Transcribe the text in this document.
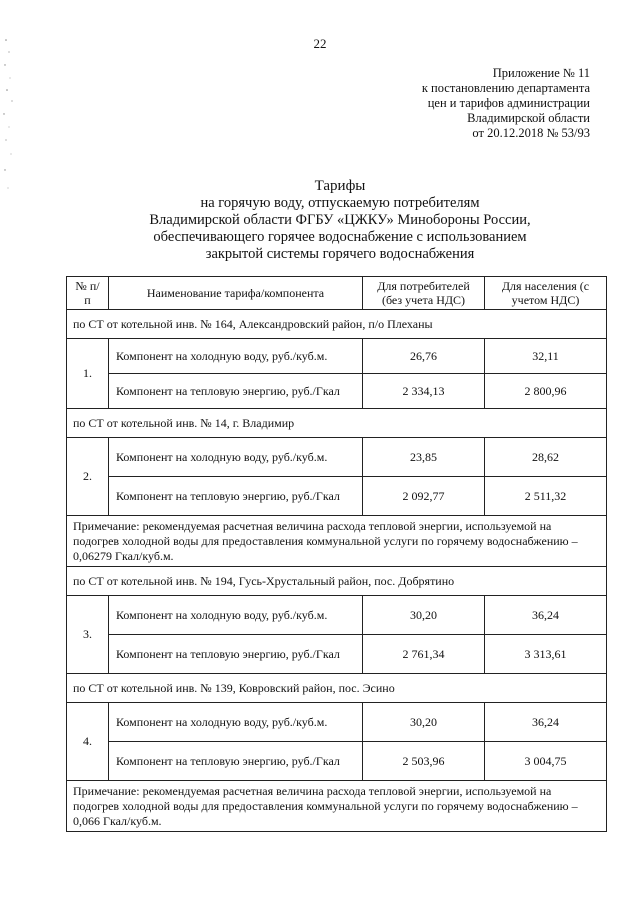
22
Приложение № 11
к постановлению департамента
цен и тарифов администрации
Владимирской области
от 20.12.2018 № 53/93
Тарифы
на горячую воду, отпускаемую потребителям
Владимирской области ФГБУ «ЦЖКУ» Минобороны России,
обеспечивающего горячее водоснабжение с использованием
закрытой системы горячего водоснабжения
№ п/п	Наименование тарифа/компонента	Для потребителей (без учета НДС)	Для населения (с учетом НДС)
по СТ от котельной инв. № 164, Александровский район, п/о Плеханы			
1.	Компонент на холодную воду, руб./куб.м.	26,76	32,11
	Компонент на тепловую энергию, руб./Гкал	2 334,13	2 800,96
по СТ от котельной инв. № 14, г. Владимир			
2.	Компонент на холодную воду, руб./куб.м.	23,85	28,62
	Компонент на тепловую энергию, руб./Гкал	2 092,77	2 511,32
Примечание: рекомендуемая расчетная величина расхода тепловой энергии, используемой на подогрев холодной воды для предоставления коммунальной услуги по горячему водоснабжению – 0,06279 Гкал/куб.м.			
по СТ от котельной инв. № 194, Гусь-Хрустальный район, пос. Добрятино			
3.	Компонент на холодную воду, руб./куб.м.	30,20	36,24
	Компонент на тепловую энергию, руб./Гкал	2 761,34	3 313,61
по СТ от котельной инв. № 139, Ковровский район, пос. Эсино			
4.	Компонент на холодную воду, руб./куб.м.	30,20	36,24
	Компонент на тепловую энергию, руб./Гкал	2 503,96	3 004,75
Примечание: рекомендуемая расчетная величина расхода тепловой энергии, используемой на подогрев холодной воды для предоставления коммунальной услуги по горячему водоснабжению – 0,066 Гкал/куб.м.			
